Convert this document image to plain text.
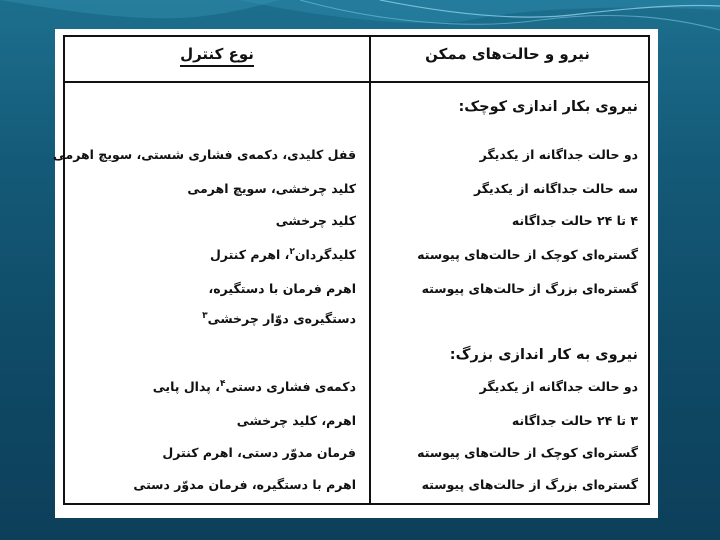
نیرو و حالت‌های ممکن
نوع کنترل
نیروی بکار اندازی کوچک:
دو حالت جداگانه از یکدیگر
قفل کلیدی، دکمه‌ی فشاری شستی، سویچ اهرمی
سه حالت جداگانه از یکدیگر
کلید چرخشی، سویچ اهرمی
۴ تا ۲۴ حالت جداگانه
کلید چرخشی
گستره‌ای کوچک از حالت‌های پیوسته
کلیدگردان$^۲$، اهرم کنترل
گستره‌ای بزرگ از حالت‌های پیوسته
اهرم فرمان با دستگیره،
دستگیره‌ی دوّار چرخشی$^۳$
نیروی به کار اندازی بزرگ:
دو حالت جداگانه از یکدیگر
دکمه‌ی فشاری دستی$^۴$، پدال پایی
۳ تا ۲۴ حالت جداگانه
اهرم، کلید چرخشی
گستره‌ای کوچک از حالت‌های پیوسته
فرمان مدوّر دستی، اهرم کنترل
گستره‌ای بزرگ از حالت‌های پیوسته
اهرم با دستگیره، فرمان مدوّر دستی
